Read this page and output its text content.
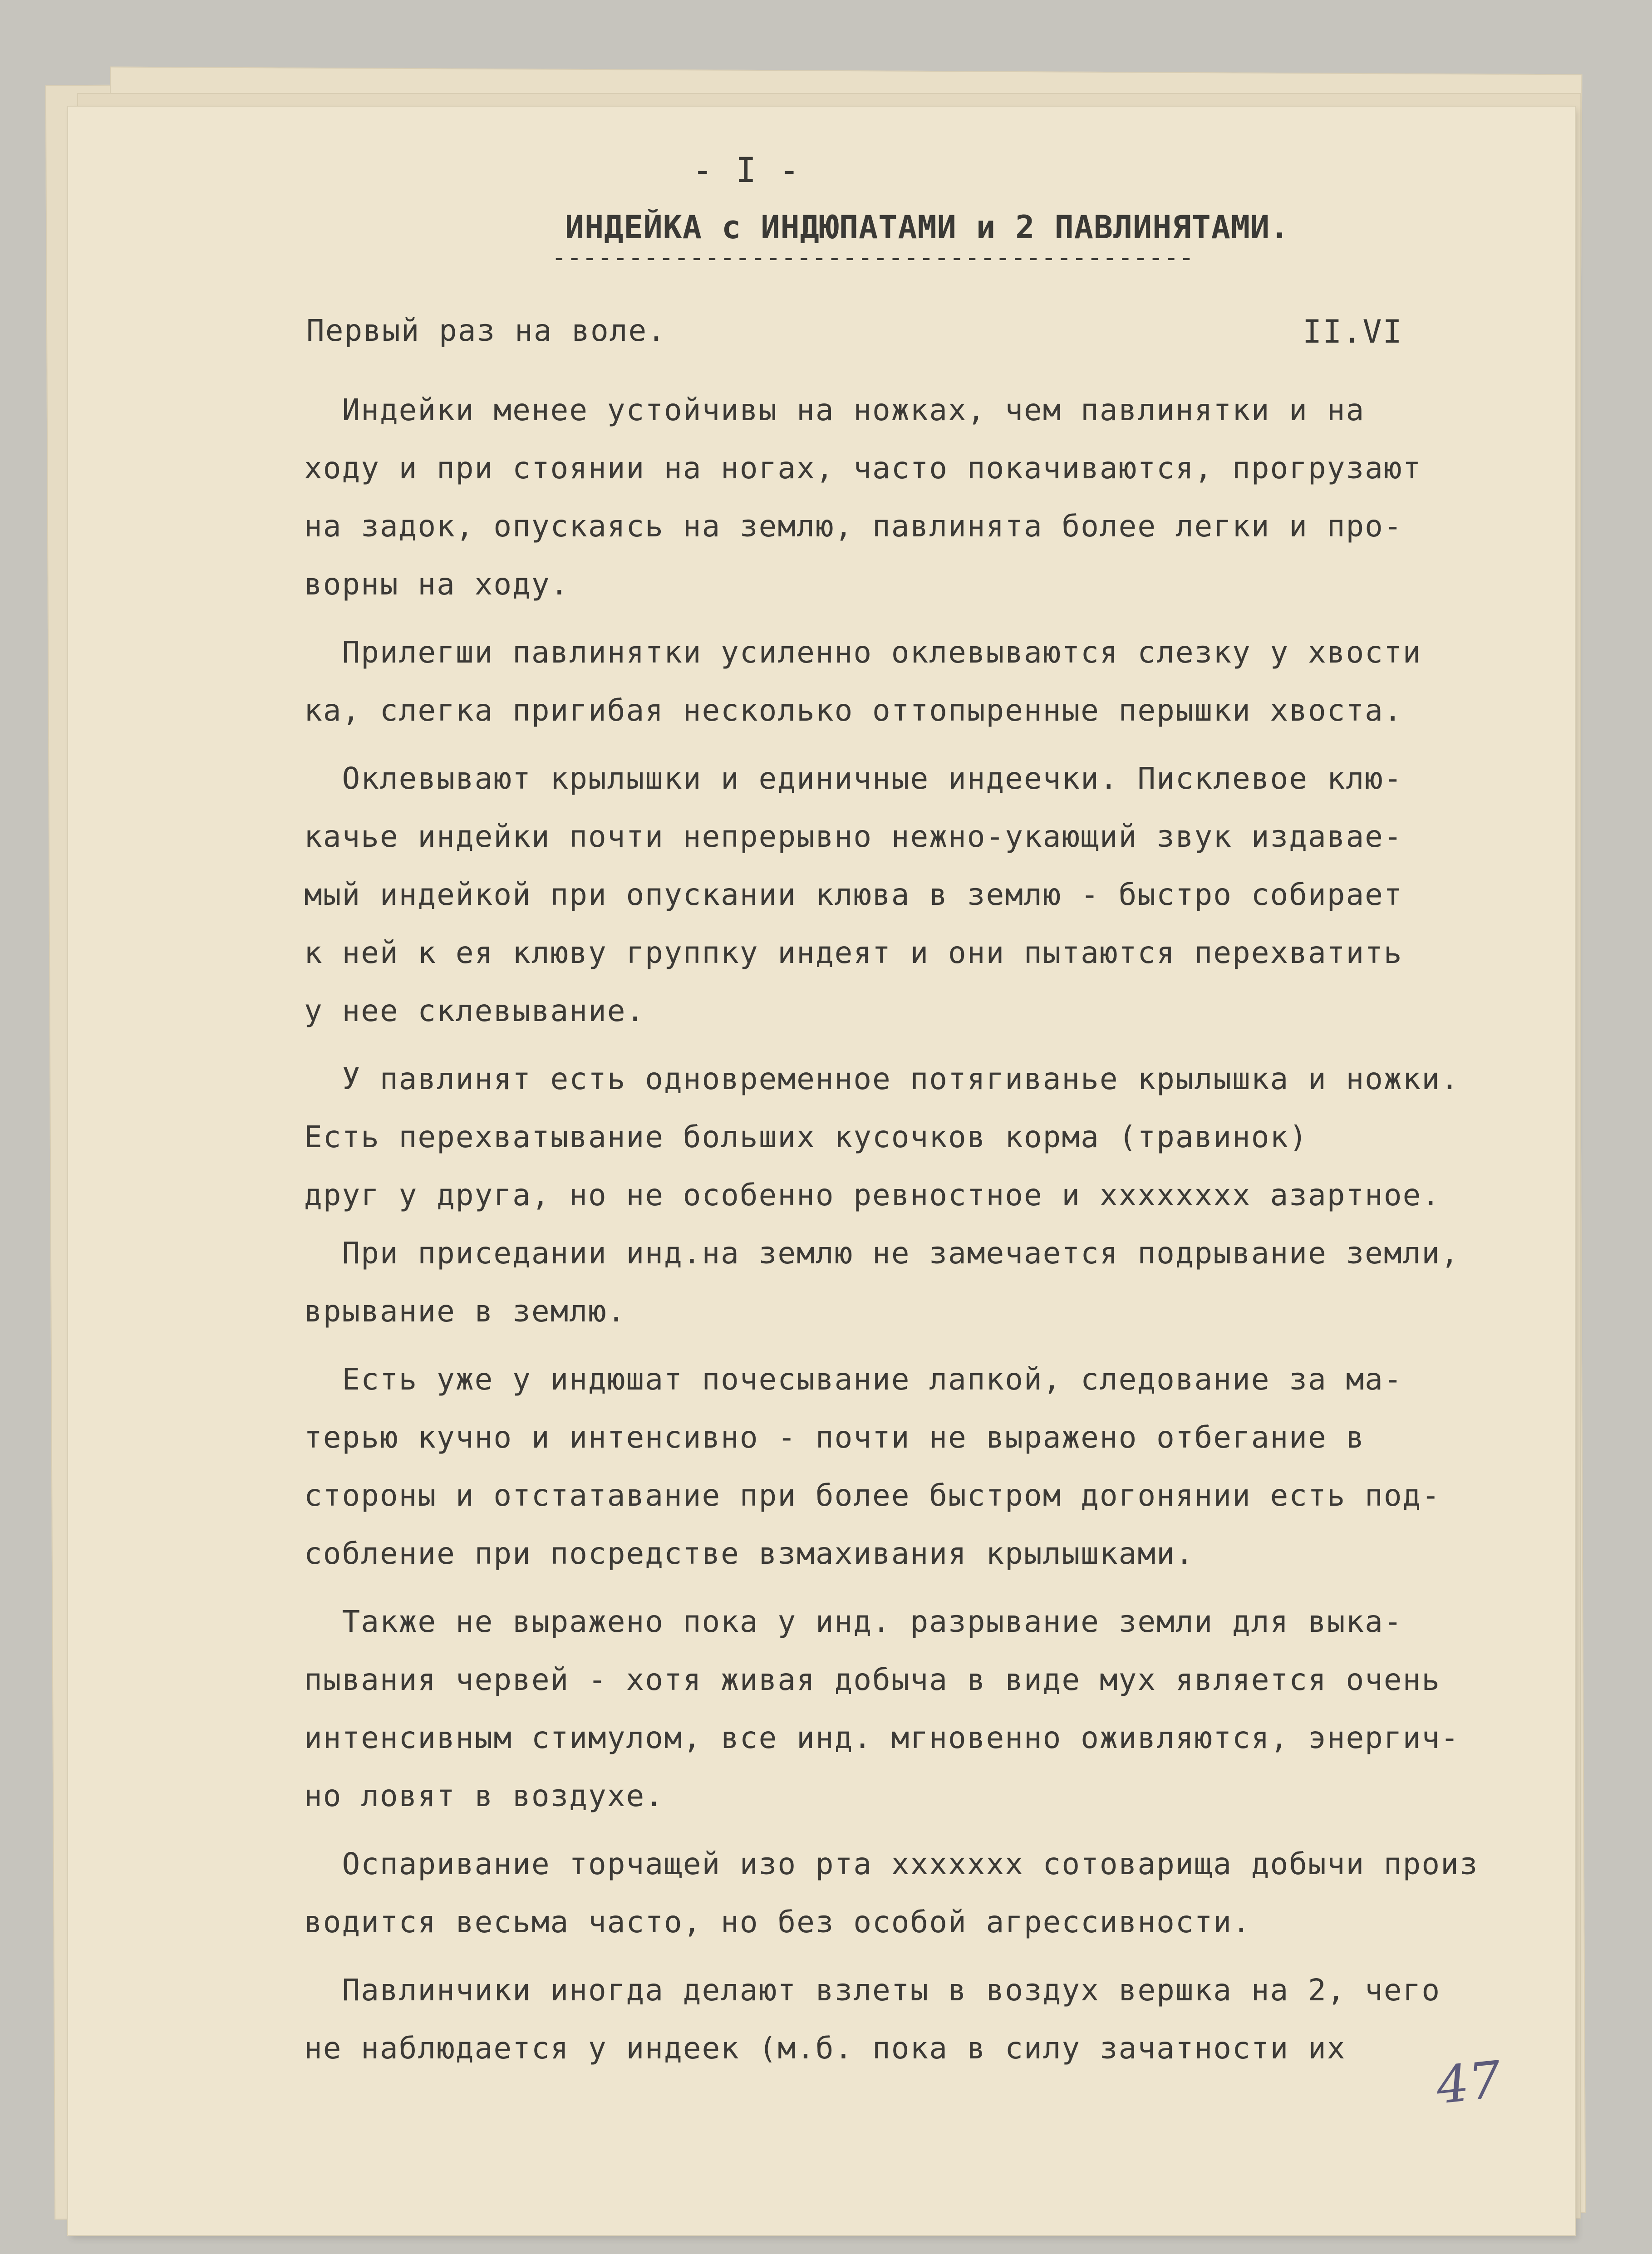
- I -
ИНДЕЙКА с ИНДЮПАТАМИ и 2 ПАВЛИНЯТАМИ.
------------------------------------------
Первый раз на воле.	II.VI
Индейки менее устойчивы на ножках, чем павлинятки и на
ходу и при стоянии на ногах, часто покачиваются, прогрузают
на задок, опускаясь на землю, павлинята более легки и про-
ворны на ходу.
Прилегши павлинятки усиленно оклевываются слезку у хвости
ка, слегка пригибая несколько оттопыренные перышки хвоста.
Оклевывают крылышки и единичные индеечки. Писклевое клю-
качье индейки почти непрерывно нежно-укающий звук издавае-
мый индейкой при опускании клюва в землю - быстро собирает
к ней к ея клюву группку индеят и они пытаются перехватить
у нее склевывание.
У павлинят есть одновременное потягиванье крылышка и ножки.
Есть перехватывание больших кусочков корма (травинок)
друг у друга, но не особенно ревностное и хххххххх азартное.
При приседании инд.на землю не замечается подрывание земли,
врывание в землю.
Есть уже у индюшат почесывание лапкой, следование за ма-
терью кучно и интенсивно - почти не выражено отбегание в
стороны и отстатавание при более быстром догонянии есть под-
собление при посредстве взмахивания крылышками.
Также не выражено пока у инд. разрывание земли для выка-
пывания червей - хотя живая добыча в виде мух является очень
интенсивным стимулом, все инд. мгновенно оживляются, энергич-
но ловят в воздухе.
Оспаривание торчащей изо рта ххххххх сотоварища добычи произ
водится весьма часто, но без особой агрессивности.
Павлинчики иногда делают взлеты в воздух вершка на 2, чего
не наблюдается у индеек (м.б. пока в силу зачатности их
47
